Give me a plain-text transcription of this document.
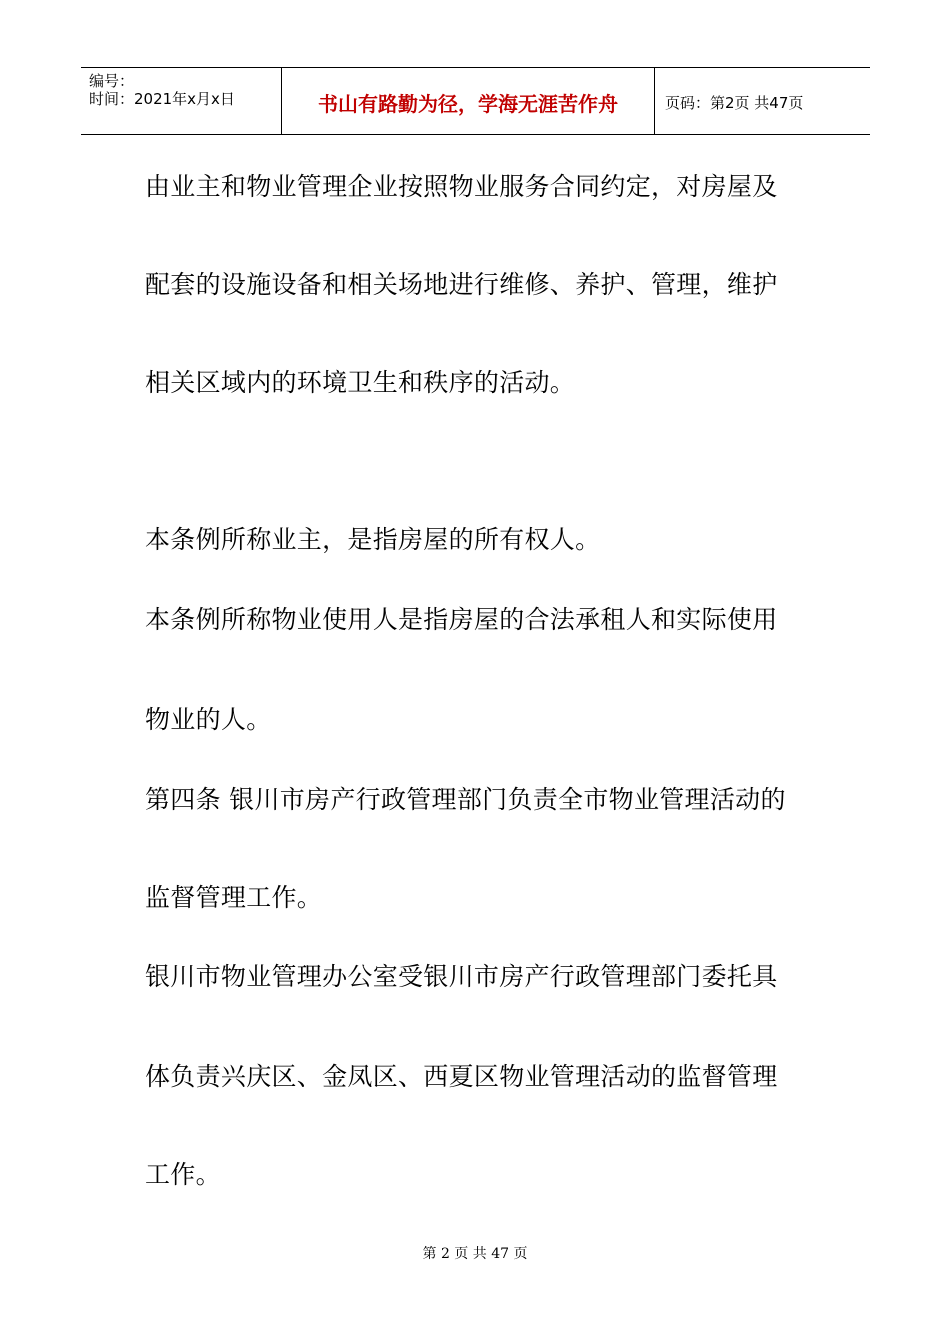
编号：
时间：2021年x月x日	书山有路勤为径，学海无涯苦作舟	页码：第2页 共47页
由业主和物业管理企业按照物业服务合同约定，对房屋及
配套的设施设备和相关场地进行维修、养护、管理，维护
相关区域内的环境卫生和秩序的活动。
本条例所称业主，是指房屋的所有权人。
本条例所称物业使用人是指房屋的合法承租人和实际使用
物业的人。
第四条 银川市房产行政管理部门负责全市物业管理活动的
监督管理工作。
银川市物业管理办公室受银川市房产行政管理部门委托具
体负责兴庆区、金凤区、西夏区物业管理活动的监督管理
工作。
第 2 页 共 47 页
